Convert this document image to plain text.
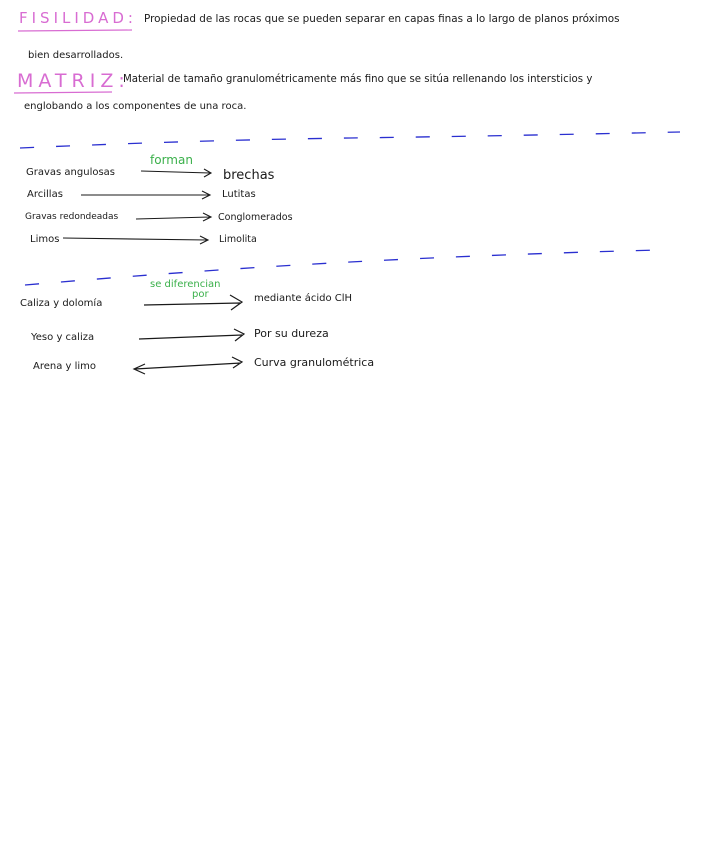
FISILIDAD: Propiedad de las rocas que se pueden separar en capas finas a lo largo de planos próximos
bien desarrollados.
MATRIZ:
Material de tamaño granulométricamente más fino que se sitúa rellenando los intersticios y
englobando a los componentes de una roca.
forman
Gravas angulosas	brechas
Arcillas	Lutitas
Gravas redondeadas	Conglomerados
Limos	Limolita
se diferencian
por
Caliza y dolomía	mediante ácido ClH
Yeso y caliza	Por su dureza
Arena y limo	Curva granulométrica
